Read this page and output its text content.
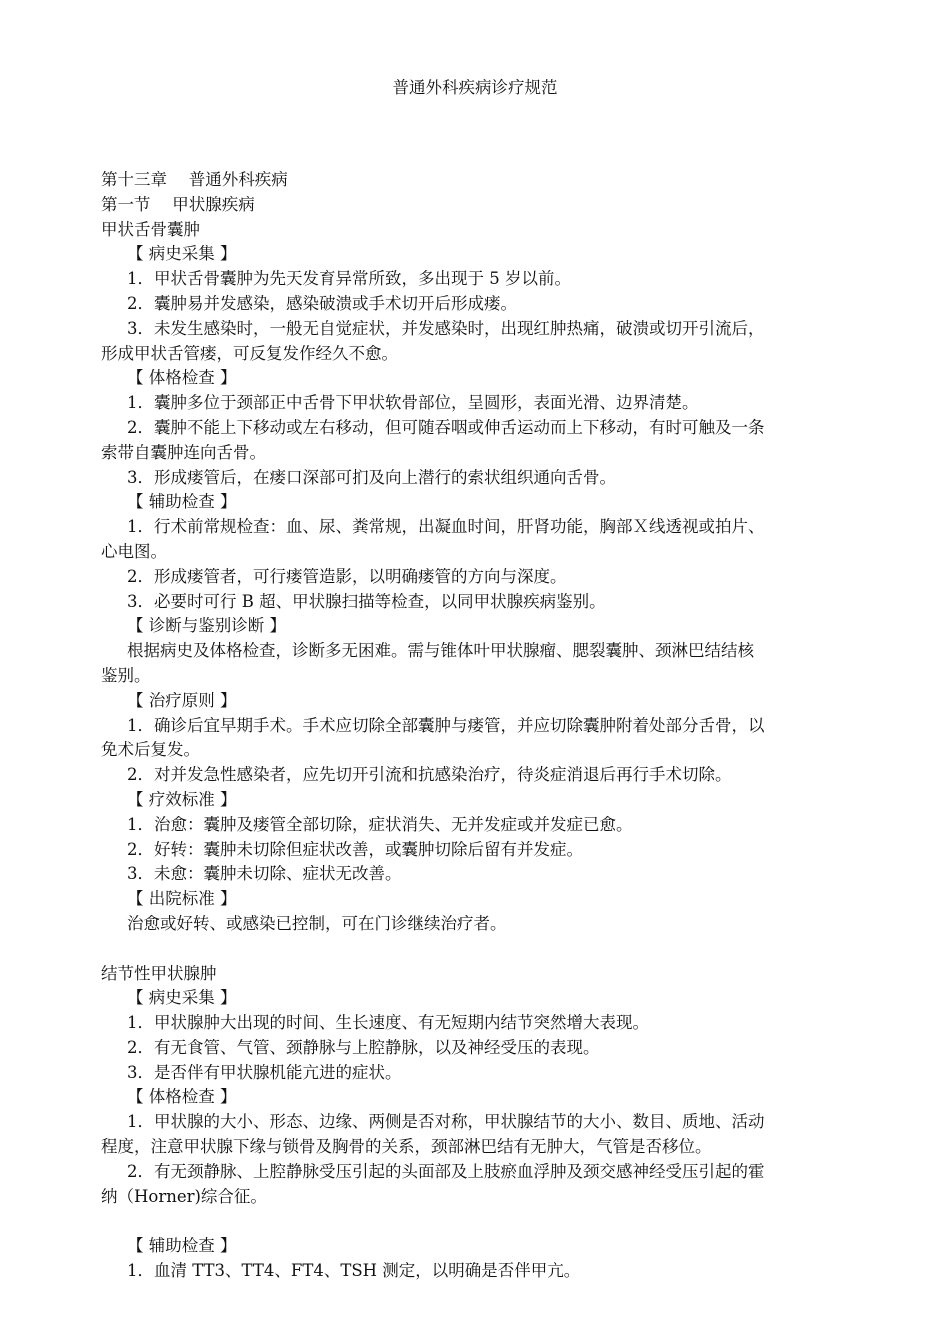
普通外科疾病诊疗规范
第十三章　 普通外科疾病
第一节　 甲状腺疾病
甲状舌骨囊肿
【 病史采集 】
1．甲状舌骨囊肿为先天发育异常所致，多出现于 5 岁以前。
2．囊肿易并发感染，感染破溃或手术切开后形成瘘。
3．未发生感染时，一般无自觉症状，并发感染时，出现红肿热痛，破溃或切开引流后，
形成甲状舌管瘘，可反复发作经久不愈。
【 体格检查 】
1．囊肿多位于颈部正中舌骨下甲状软骨部位，呈圆形，表面光滑、边界清楚。
2．囊肿不能上下移动或左右移动，但可随吞咽或伸舌运动而上下移动，有时可触及一条
索带自囊肿连向舌骨。
3．形成瘘管后，在瘘口深部可扪及向上潜行的索状组织通向舌骨。
【 辅助检查 】
1．行术前常规检查：血、尿、粪常规，出凝血时间，肝肾功能，胸部Ｘ线透视或拍片、
心电图。
2．形成瘘管者，可行瘘管造影，以明确瘘管的方向与深度。
3．必要时可行 B 超、甲状腺扫描等检查，以同甲状腺疾病鉴别。
【 诊断与鉴别诊断 】
根据病史及体格检查，诊断多无困难。需与锥体叶甲状腺瘤、腮裂囊肿、颈淋巴结结核
鉴别。
【 治疗原则 】
1．确诊后宜早期手术。手术应切除全部囊肿与瘘管，并应切除囊肿附着处部分舌骨，以
免术后复发。
2．对并发急性感染者，应先切开引流和抗感染治疗，待炎症消退后再行手术切除。
【 疗效标准 】
1．治愈：囊肿及瘘管全部切除，症状消失、无并发症或并发症已愈。
2．好转：囊肿未切除但症状改善，或囊肿切除后留有并发症。
3．未愈：囊肿未切除、症状无改善。
【 出院标准 】
治愈或好转、或感染已控制，可在门诊继续治疗者。
结节性甲状腺肿
【 病史采集 】
1．甲状腺肿大出现的时间、生长速度、有无短期内结节突然增大表现。
2．有无食管、气管、颈静脉与上腔静脉，以及神经受压的表现。
3．是否伴有甲状腺机能亢进的症状。
【 体格检查 】
1．甲状腺的大小、形态、边缘、两侧是否对称，甲状腺结节的大小、数目、质地、活动
程度，注意甲状腺下缘与锁骨及胸骨的关系，颈部淋巴结有无肿大，气管是否移位。
2．有无颈静脉、上腔静脉受压引起的头面部及上肢瘀血浮肿及颈交感神经受压引起的霍
纳（Horner)综合征。
【 辅助检查 】
1．血清 TT3、TT4、FT4、TSH 测定，以明确是否伴甲亢。
